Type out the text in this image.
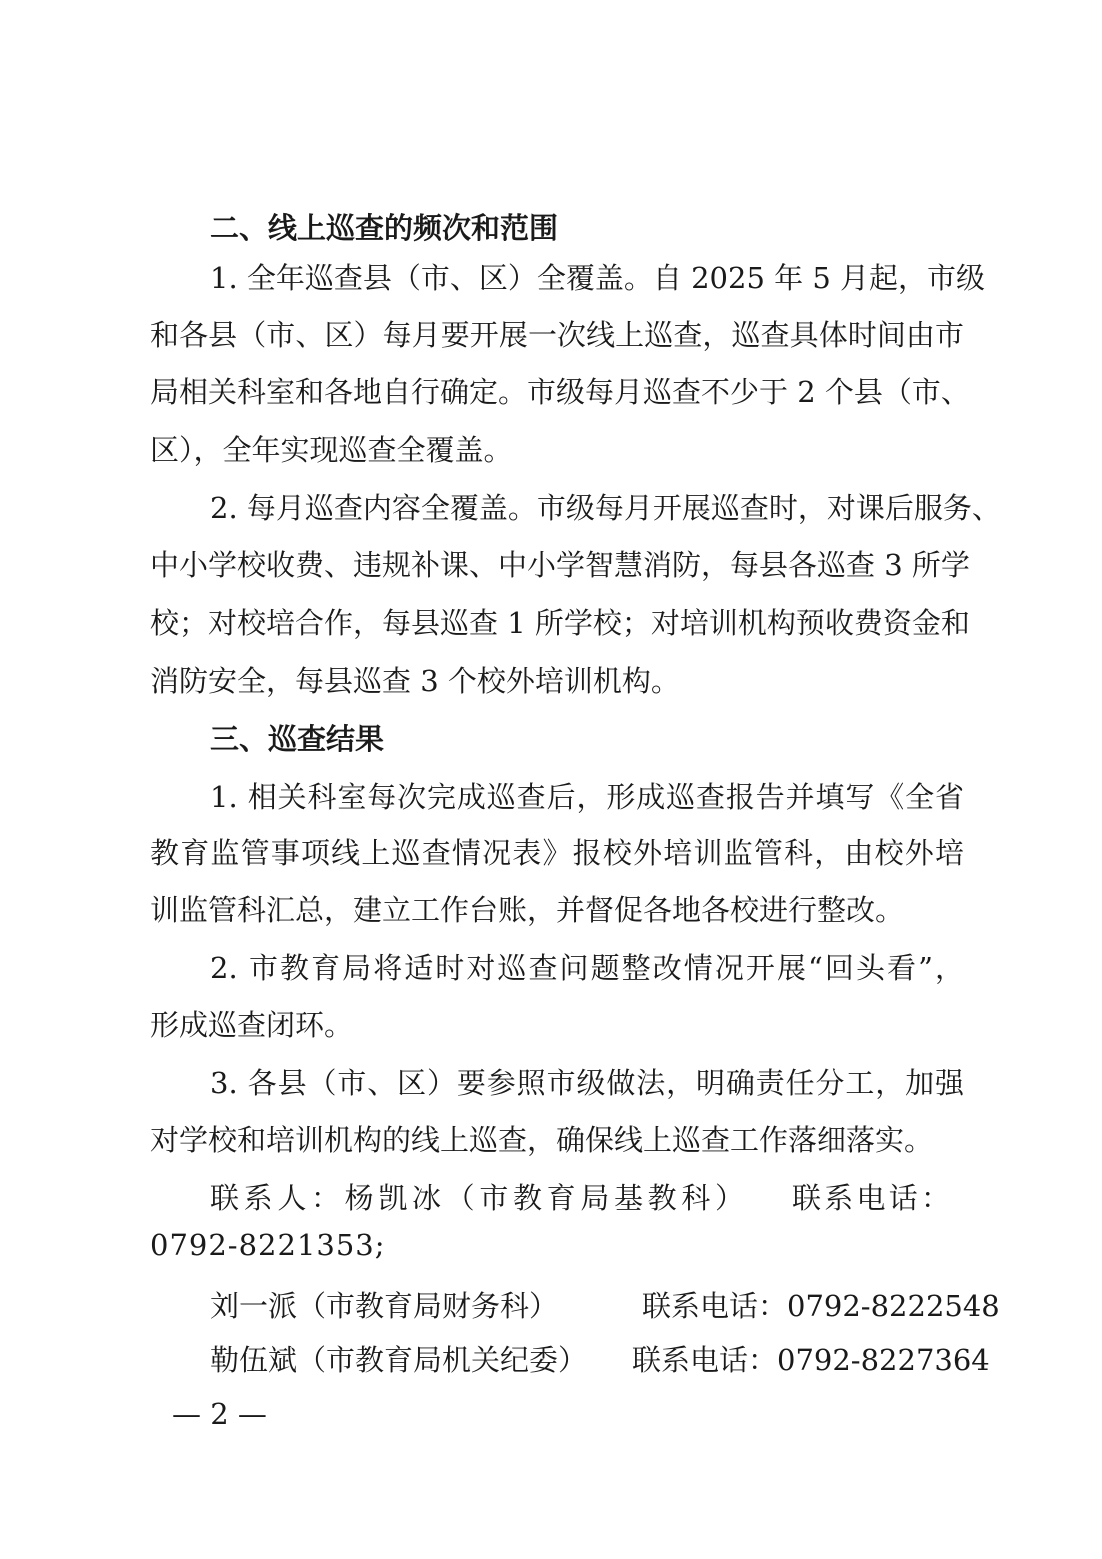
二、线上巡查的频次和范围
1. 全年巡查县（市、区）全覆盖。自 2025 年 5 月起，市级
和各县（市、区）每月要开展一次线上巡查，巡查具体时间由市
局相关科室和各地自行确定。市级每月巡查不少于 2 个县（市、
区），全年实现巡查全覆盖。
2. 每月巡查内容全覆盖。市级每月开展巡查时，对课后服务、
中小学校收费、违规补课、中小学智慧消防，每县各巡查 3 所学
校；对校培合作，每县巡查 1 所学校；对培训机构预收费资金和
消防安全，每县巡查 3 个校外培训机构。
三、巡查结果
1. 相关科室每次完成巡查后，形成巡查报告并填写《全省
教育监管事项线上巡查情况表》报校外培训监管科，由校外培
训监管科汇总，建立工作台账，并督促各地各校进行整改。
2. 市教育局将适时对巡查问题整改情况开展“回头看”，
形成巡查闭环。
3. 各县（市、区）要参照市级做法，明确责任分工，加强
对学校和培训机构的线上巡查，确保线上巡查工作落细落实。
联系人：杨凯冰（市教育局基教科） 联系电话：
0792-8221353;
刘一派（市教育局财务科）	联系电话：0792-8222548
勒伍斌（市教育局机关纪委） 联系电话：0792-8227364
— 2 —
